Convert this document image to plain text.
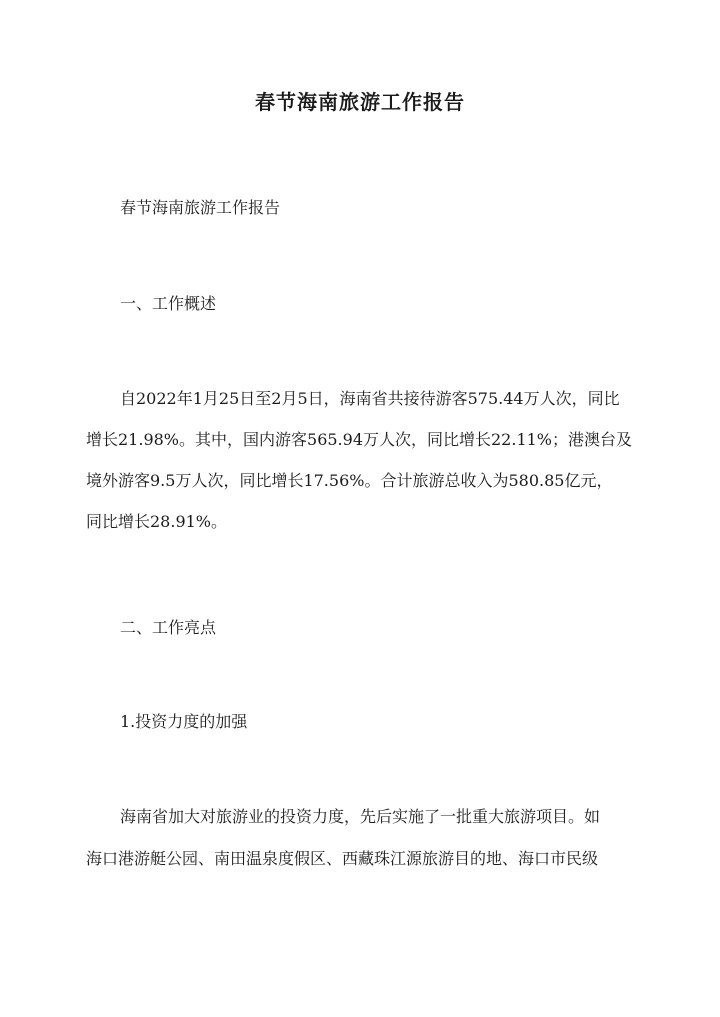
春节海南旅游工作报告
春节海南旅游工作报告
一、工作概述
自2022年1月25日至2月5日，海南省共接待游客575.44万人次，同比
增长21.98%。其中，国内游客565.94万人次，同比增长22.11%；港澳台及
境外游客9.5万人次，同比增长17.56%。合计旅游总收入为580.85亿元，
同比增长28.91%。
二、工作亮点
1.投资力度的加强
海南省加大对旅游业的投资力度，先后实施了一批重大旅游项目。如
海口港游艇公园、南田温泉度假区、西藏珠江源旅游目的地、海口市民级
